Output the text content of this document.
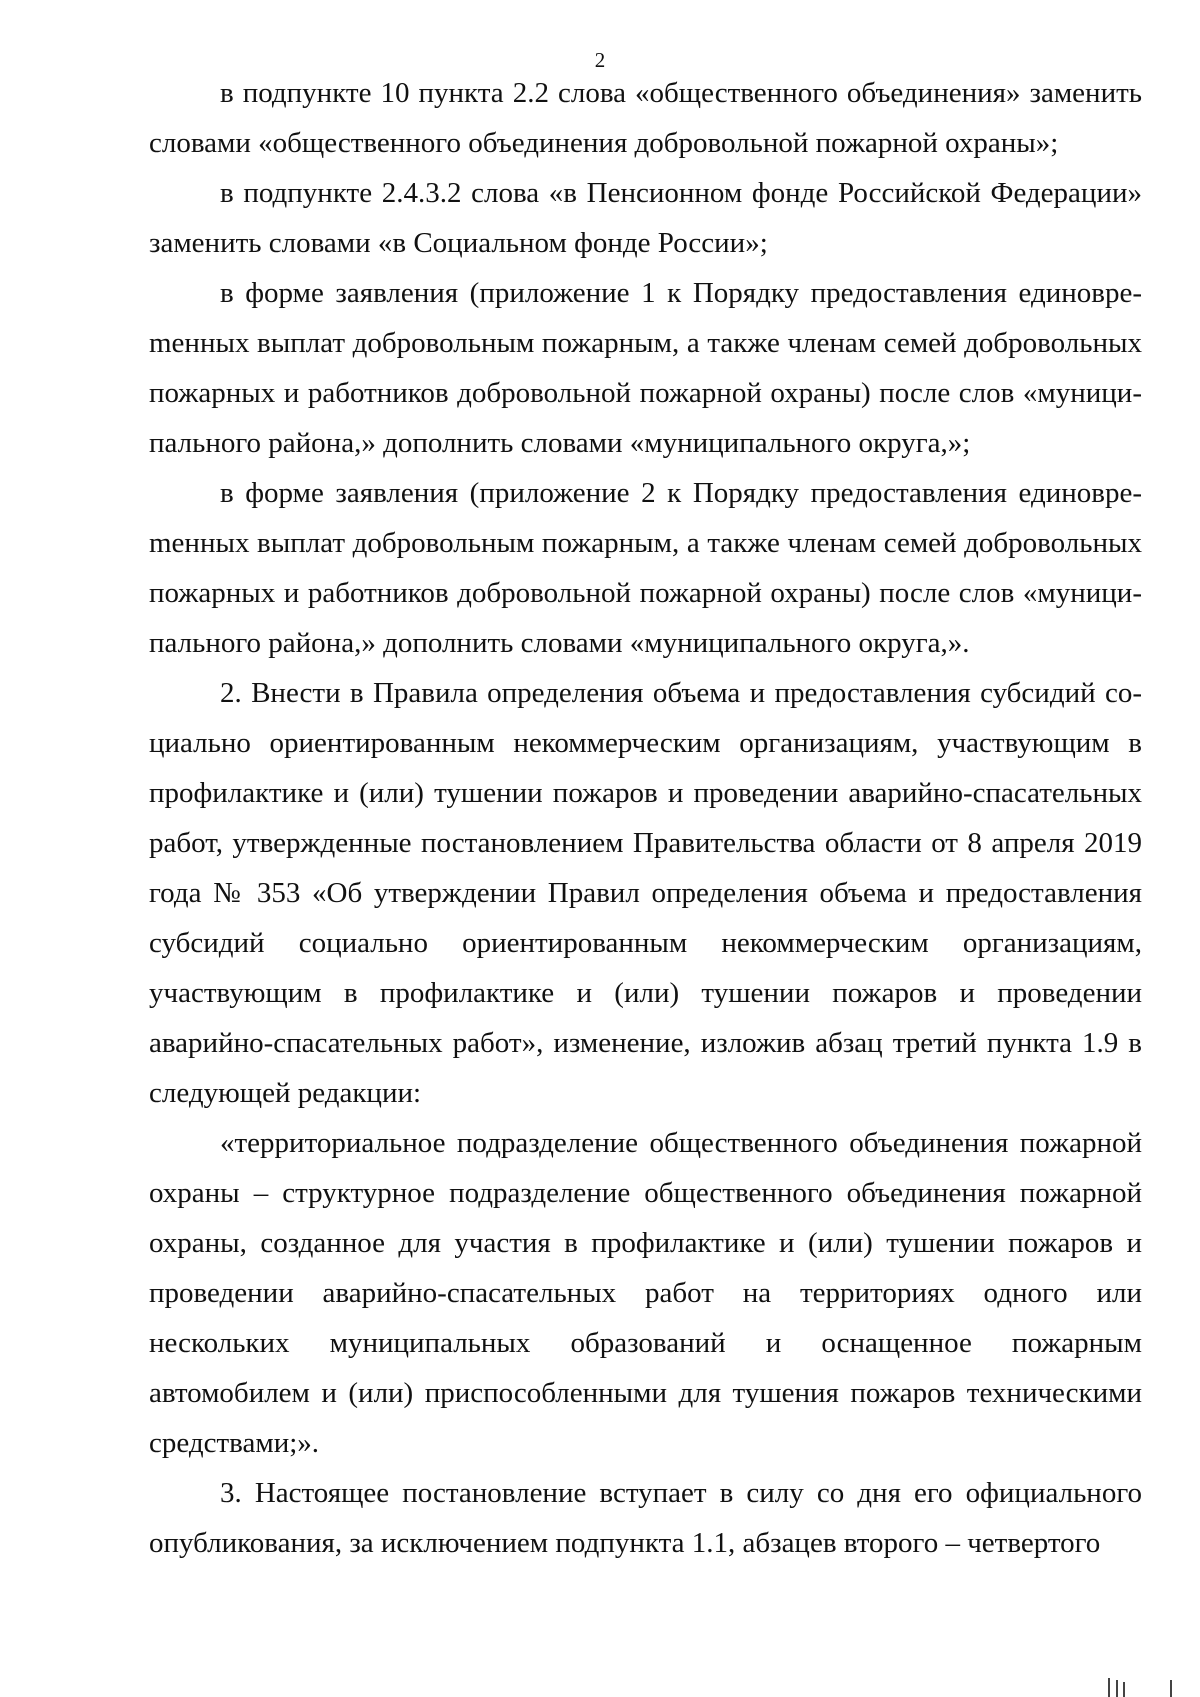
2

в подпункте 10 пункта 2.2 слова «общественного объединения» заменить словами «общественного объединения добровольной пожарной охраны»;

в подпункте 2.4.3.2 слова «в Пенсионном фонде Российской Федерации» заменить словами «в Социальном фонде России»;

в форме заявления (приложение 1 к Порядку предоставления единовреmенных выплат добровольным пожарным, а также членам семей добровольных пожарных и работников добровольной пожарной охраны) после слов «муниципального района,» дополнить словами «муниципального округа,»;

в форме заявления (приложение 2 к Порядку предоставления единовреmенных выплат добровольным пожарным, а также членам семей добровольных пожарных и работников добровольной пожарной охраны) после слов «муниципального района,» дополнить словами «муниципального округа,».

2. Внести в Правила определения объема и предоставления субсидий социально ориентированным некоммерческим организациям, участвующим в профилактике и (или) тушении пожаров и проведении аварийно-спасательных работ, утвержденные постановлением Правительства области от 8 апреля 2019 года № 353 «Об утверждении Правил определения объема и предоставления субсидий социально ориентированным некоммерческим организациям, участвующим в профилактике и (или) тушении пожаров и проведении аварийно-спасательных работ», изменение, изложив абзац третий пункта 1.9 в следующей редакции:

«территориальное подразделение общественного объединения пожарной охраны – структурное подразделение общественного объединения пожарной охраны, созданное для участия в профилактике и (или) тушении пожаров и проведении аварийно-спасательных работ на территориях одного или нескольких муниципальных образований и оснащенное пожарным автомобилем и (или) приспособленными для тушения пожаров техническими средствами;».

3. Настоящее постановление вступает в силу со дня его официального опубликования, за исключением подпункта 1.1, абзацев второго – четвертого
